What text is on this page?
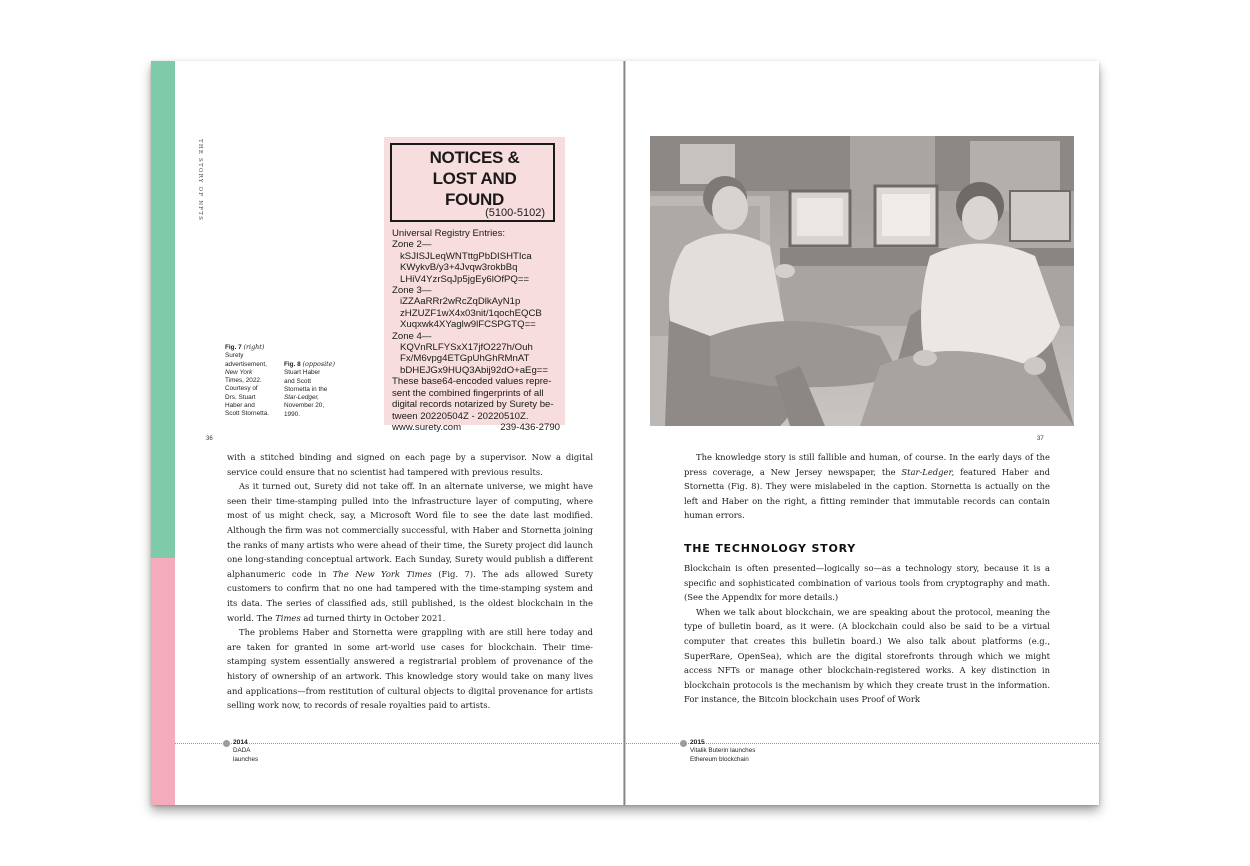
THE STORY OF NFTS	NOTICES &
LOST AND
FOUND
(5100-5102)
Universal Registry Entries:
Zone 2—
kSJISJLeqWNTttgPbDISHTIca
KWykvB/y3+4Jvqw3rokbBq
LHiV4YzrSqJp5jgEy6lOfPQ==
Zone 3—
iZZAaRRr2wRcZqDlkAyN1p
zHZUZF1wX4x03nit/1qochEQCB
Xuqxwk4XYaglw9lFCSPGTQ==
Zone 4—
KQVnRLFYSxX17jfO227h/Ouh
Fx/M6vpg4ETGpUhGhRMnAT
bDHEJGx9HUQ3Abij92dO+aEg==
These base64-encoded values repre-
sent the combined fingerprints of all
digital records notarized by Surety be-
tween 20220504Z - 20220510Z.
www.surety.com	239-436-2790
Fig. 7 (right)
Surety
advertisement,
New York
Times, 2022.
Courtesy of
Drs. Stuart
Haber and
Scott Stornetta.
Fig. 8 (opposite)
Stuart Haber
and Scott
Stornetta in the
Star-Ledger,
November 20,
1990.
36

with a stitched binding and signed on each page by a supervisor. Now a digital service could ensure that no scientist had tampered with previous results.

As it turned out, Surety did not take off. In an alternate universe, we might have seen their time-stamping pulled into the infrastructure layer of computing, where most of us might check, say, a Microsoft Word file to see the date last modified. Although the firm was not commercially successful, with Haber and Stornetta joining the ranks of many artists who were ahead of their time, the Surety project did launch one long-standing conceptual artwork. Each Sunday, Surety would publish a different alphanumeric code in The New York Times (Fig. 7). The ads allowed Surety customers to confirm that no one had tampered with the time-stamping system and its data. The series of classified ads, still published, is the oldest blockchain in the world. The Times ad turned thirty in October 2021.

The problems Haber and Stornetta were grappling with are still here today and are taken for granted in some art-world use cases for blockchain. Their time-stamping system essentially answered a registrarial problem of provenance of the history of ownership of an artwork. This knowledge story would take on many lives and applications—from restitution of cultural objects to digital provenance for artists selling work now, to records of resale royalties paid to artists.

2014
DADA
launches
37

The knowledge story is still fallible and human, of course. In the early days of the press coverage, a New Jersey newspaper, the Star-Ledger, featured Haber and Stornetta (Fig. 8). They were mislabeled in the caption. Stornetta is actually on the left and Haber on the right, a fitting reminder that immutable records can contain human errors.

THE TECHNOLOGY STORY

Blockchain is often presented—logically so—as a technology story, because it is a specific and sophisticated combination of various tools from cryptography and math. (See the Appendix for more details.)

When we talk about blockchain, we are speaking about the protocol, meaning the type of bulletin board, as it were. (A blockchain could also be said to be a virtual computer that creates this bulletin board.) We also talk about platforms (e.g., SuperRare, OpenSea), which are the digital storefronts through which we might access NFTs or manage other blockchain-registered works. A key distinction in blockchain protocols is the mechanism by which they create trust in the information. For instance, the Bitcoin blockchain uses Proof of Work

2015
Vitalik Buterin launches
Ethereum blockchain
